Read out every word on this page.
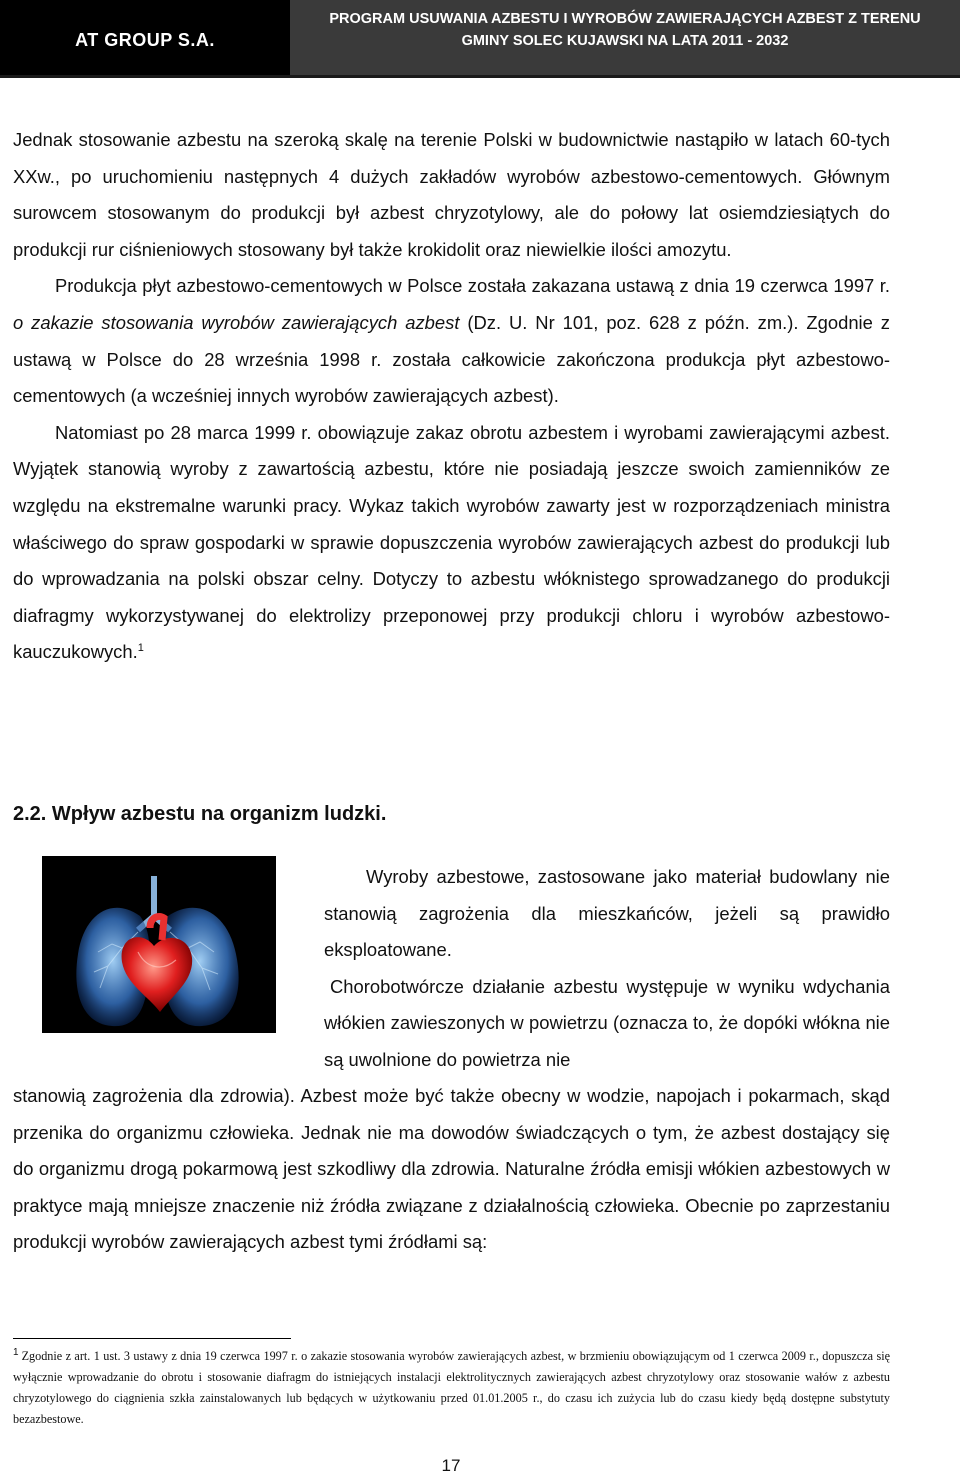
AT GROUP S.A.
PROGRAM USUWANIA AZBESTU I WYROBÓW ZAWIERAJĄCYCH AZBEST Z TERENU
GMINY SOLEC KUJAWSKI NA LATA 2011 - 2032

Jednak stosowanie azbestu na szeroką skalę na terenie Polski w budownictwie nastąpiło w latach 60-tych XXw., po uruchomieniu następnych 4 dużych zakładów wyrobów azbestowo-cementowych. Głównym surowcem stosowanym do produkcji był azbest chryzotylowy, ale do połowy lat osiemdziesiątych do produkcji rur ciśnieniowych stosowany był także krokidolit oraz niewielkie ilości amozytu.

Produkcja płyt azbestowo-cementowych w Polsce została zakazana ustawą z dnia 19 czerwca 1997 r. o zakazie stosowania wyrobów zawierających azbest (Dz. U. Nr 101, poz. 628 z późn. zm.). Zgodnie z ustawą w Polsce do 28 września 1998 r. została całkowicie zakończona produkcja płyt azbestowo-cementowych (a wcześniej innych wyrobów zawierających azbest).

Natomiast po 28 marca 1999 r. obowiązuje zakaz obrotu azbestem i wyrobami zawierającymi azbest. Wyjątek stanowią wyroby z zawartością azbestu, które nie posiadają jeszcze swoich zamienników ze względu na ekstremalne warunki pracy. Wykaz takich wyrobów zawarty jest w rozporządzeniach ministra właściwego do spraw gospodarki w sprawie dopuszczenia wyrobów zawierających azbest do produkcji lub do wprowadzania na polski obszar celny. Dotyczy to azbestu włóknistego sprowadzanego do produkcji diafragmy wykorzystywanej do elektrolizy przeponowej przy produkcji chloru i wyrobów azbestowo-kauczukowych.$^1$

2.2. Wpływ azbestu na organizm ludzki.

Wyroby azbestowe, zastosowane jako materiał budowlany nie stanowią zagrożenia dla mieszkańców, jeżeli są prawidło eksploatowane.

Chorobotwórcze działanie azbestu występuje w wyniku wdychania włókien zawieszonych w powietrzu (oznacza to, że dopóki włókna nie są uwolnione do powietrza nie

stanowią zagrożenia dla zdrowia). Azbest może być także obecny w wodzie, napojach i pokarmach, skąd przenika do organizmu człowieka. Jednak nie ma dowodów świadczących o tym, że azbest dostający się do organizmu drogą pokarmową jest szkodliwy dla zdrowia. Naturalne źródła emisji włókien azbestowych w praktyce mają mniejsze znaczenie niż źródła związane z działalnością człowieka. Obecnie po zaprzestaniu produkcji wyrobów zawierających azbest tymi źródłami są:

$^1$ Zgodnie z art. 1 ust. 3 ustawy z dnia 19 czerwca 1997 r. o zakazie stosowania wyrobów zawierających azbest, w brzmieniu obowiązującym od 1 czerwca 2009 r., dopuszcza się wyłącznie wprowadzanie do obrotu i stosowanie diafragm do istniejących instalacji elektrolitycznych zawierających azbest chryzotylowy oraz stosowanie wałów z azbestu chryzotylowego do ciągnienia szkła zainstalowanych lub będących w użytkowaniu przed 01.01.2005 r., do czasu ich zużycia lub do czasu kiedy będą dostępne substytuty bezazbestowe.
17
